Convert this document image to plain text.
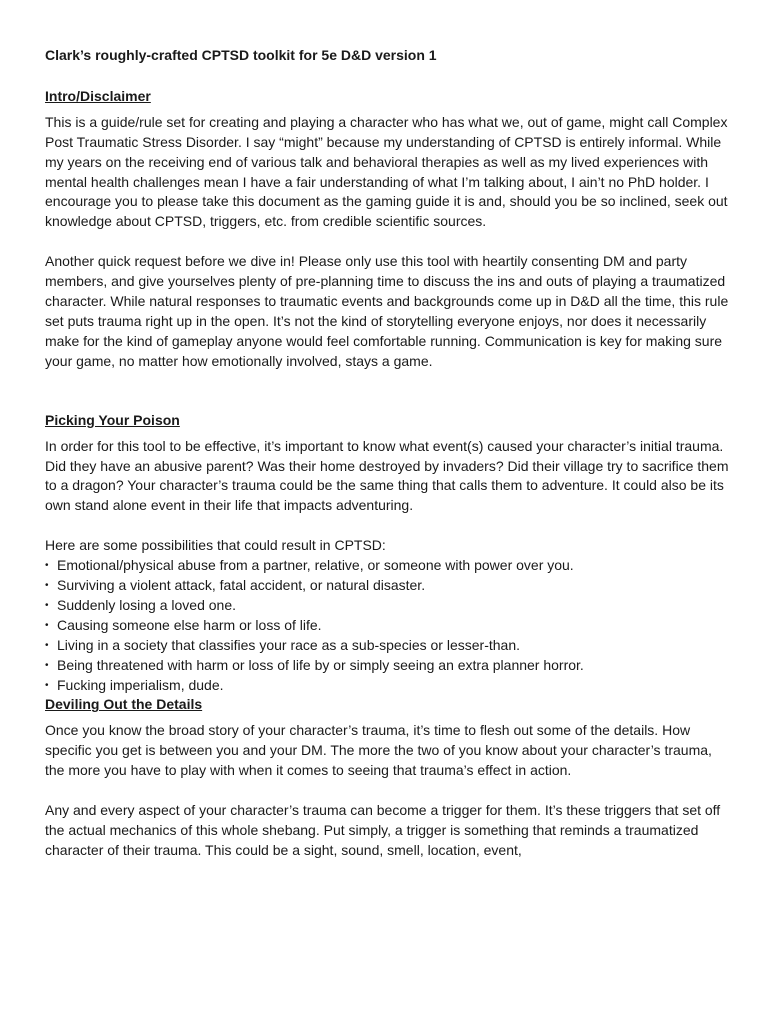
Clark’s roughly-crafted CPTSD toolkit for 5e D&D version 1
Intro/Disclaimer

This is a guide/rule set for creating and playing a character who has what we, out of game, might call Complex Post Traumatic Stress Disorder. I say “might” because my understanding of CPTSD is entirely informal. While my years on the receiving end of various talk and behavioral therapies as well as my lived experiences with mental health challenges mean I have a fair understanding of what I’m talking about, I ain’t no PhD holder. I encourage you to please take this document as the gaming guide it is and, should you be so inclined, seek out knowledge about CPTSD, triggers, etc. from credible scientific sources.

Another quick request before we dive in! Please only use this tool with heartily consenting DM and party members, and give yourselves plenty of pre-planning time to discuss the ins and outs of playing a traumatized character. While natural responses to traumatic events and backgrounds come up in D&D all the time, this rule set puts trauma right up in the open. It’s not the kind of storytelling everyone enjoys, nor does it necessarily make for the kind of gameplay anyone would feel comfortable running. Communication is key for making sure your game, no matter how emotionally involved, stays a game.

Picking Your Poison

In order for this tool to be effective, it’s important to know what event(s) caused your character’s initial trauma. Did they have an abusive parent? Was their home destroyed by invaders? Did their village try to sacrifice them to a dragon? Your character’s trauma could be the same thing that calls them to adventure. It could also be its own stand alone event in their life that impacts adventuring.

Here are some possibilities that could result in CPTSD:

• Emotional/physical abuse from a partner, relative, or someone with power over you.
• Surviving a violent attack, fatal accident, or natural disaster.
• Suddenly losing a loved one.
• Causing someone else harm or loss of life.
• Living in a society that classifies your race as a sub-species or lesser-than.
• Being threatened with harm or loss of life by or simply seeing an extra planner horror.
• Fucking imperialism, dude.
Deviling Out the Details

Once you know the broad story of your character’s trauma, it’s time to flesh out some of the details. How specific you get is between you and your DM. The more the two of you know about your character’s trauma, the more you have to play with when it comes to seeing that trauma’s effect in action.

Any and every aspect of your character’s trauma can become a trigger for them. It’s these triggers that set off the actual mechanics of this whole shebang. Put simply, a trigger is something that reminds a traumatized character of their trauma. This could be a sight, sound, smell, location, event,
